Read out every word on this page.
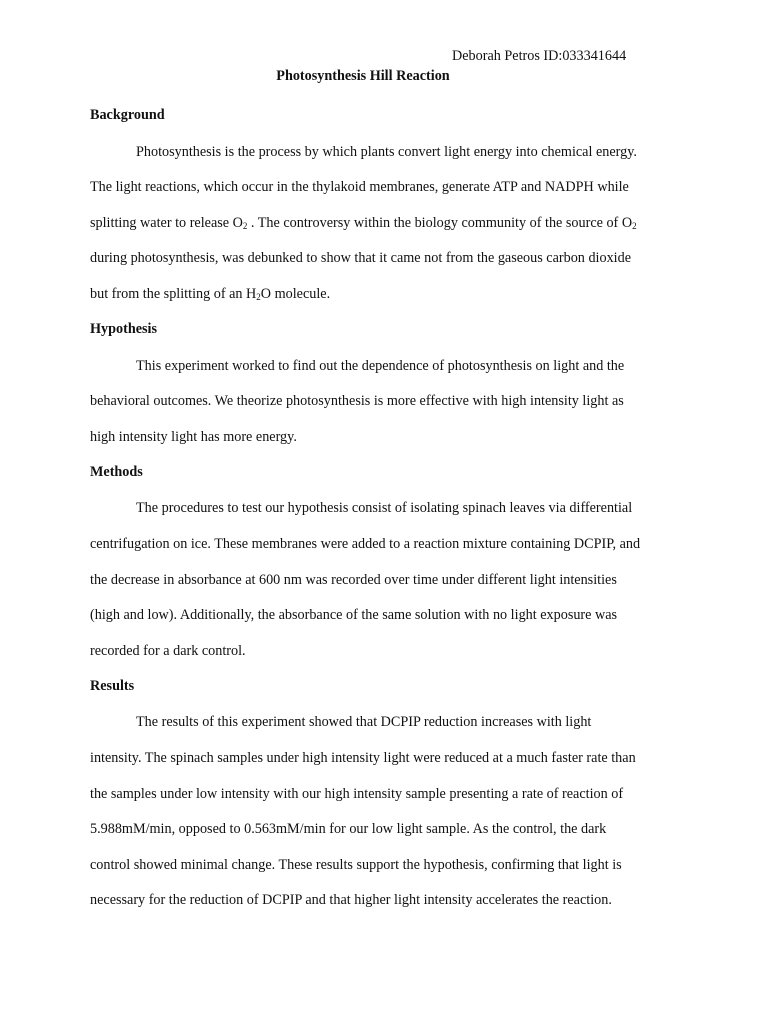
Deborah Petros ID:033341644
Photosynthesis Hill Reaction
Background
Photosynthesis is the process by which plants convert light energy into chemical energy.
The light reactions, which occur in the thylakoid membranes, generate ATP and NADPH while
splitting water to release $O_2$ . The controversy within the biology community of the source of $O_2$
during photosynthesis, was debunked to show that it came not from the gaseous carbon dioxide
but from the splitting of an $H_2O$ molecule.
Hypothesis
This experiment worked to find out the dependence of photosynthesis on light and the
behavioral outcomes. We theorize photosynthesis is more effective with high intensity light as
high intensity light has more energy.
Methods
The procedures to test our hypothesis consist of isolating spinach leaves via differential
centrifugation on ice. These membranes were added to a reaction mixture containing DCPIP, and
the decrease in absorbance at 600 nm was recorded over time under different light intensities
(high and low). Additionally, the absorbance of the same solution with no light exposure was
recorded for a dark control.
Results
The results of this experiment showed that DCPIP reduction increases with light
intensity. The spinach samples under high intensity light were reduced at a much faster rate than
the samples under low intensity with our high intensity sample presenting a rate of reaction of
5.988mM/min, opposed to 0.563mM/min for our low light sample. As the control, the dark
control showed minimal change. These results support the hypothesis, confirming that light is
necessary for the reduction of DCPIP and that higher light intensity accelerates the reaction.
